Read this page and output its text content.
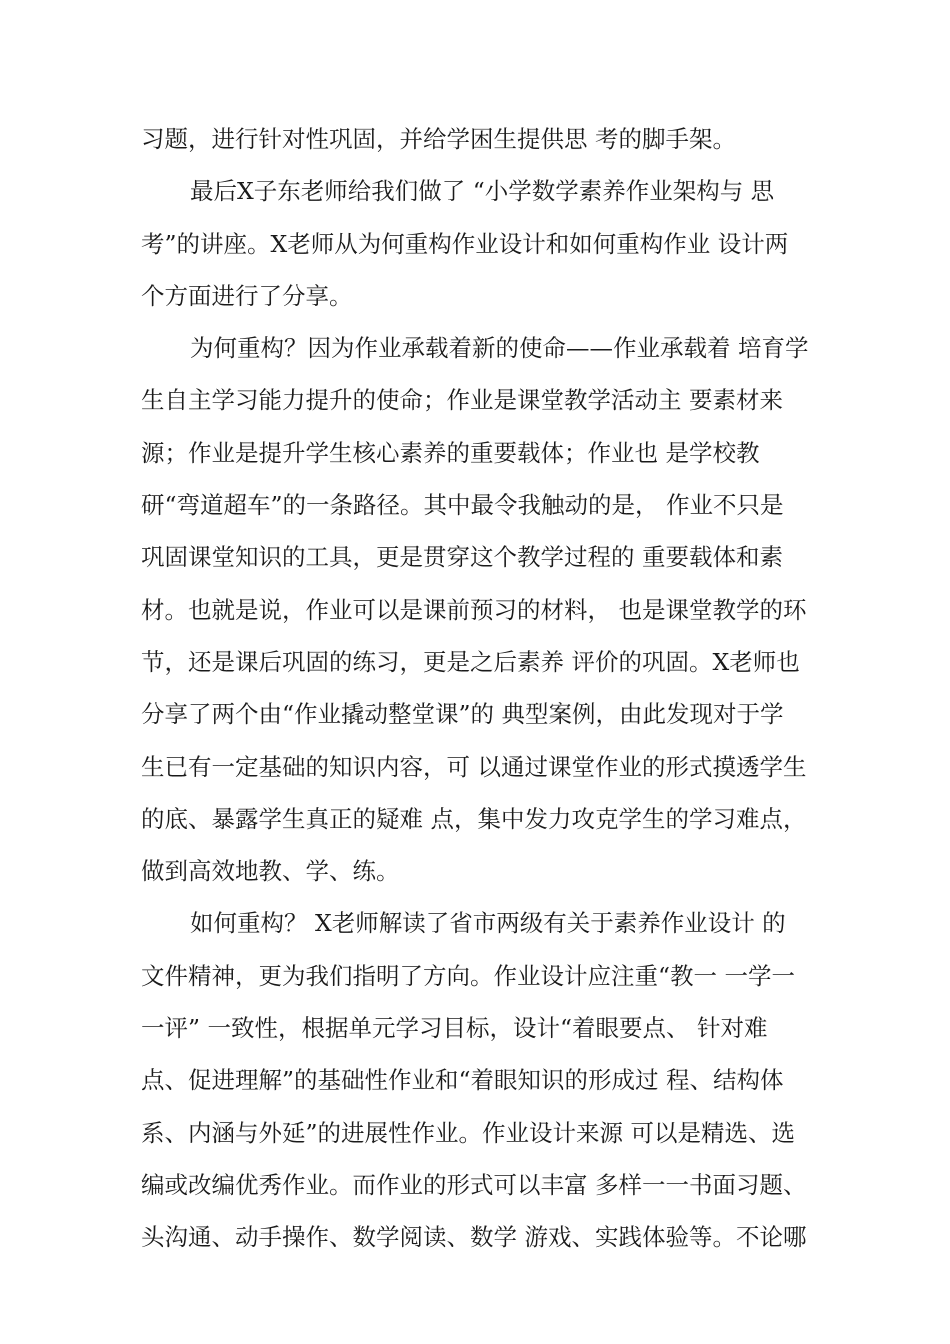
习题，进行针对性巩固，并给学困生提供思 考的脚手架。
最后X子东老师给我们做了 “小学数学素养作业架构与 思
考”的讲座。X老师从为何重构作业设计和如何重构作业 设计两
个方面进行了分享。
为何重构？因为作业承载着新的使命——作业承载着 培育学
生自主学习能力提升的使命；作业是课堂教学活动主 要素材来
源；作业是提升学生核心素养的重要载体；作业也 是学校教
研“弯道超车”的一条路径。其中最令我触动的是， 作业不只是
巩固课堂知识的工具，更是贯穿这个教学过程的 重要载体和素
材。也就是说，作业可以是课前预习的材料， 也是课堂教学的环
节，还是课后巩固的练习，更是之后素养 评价的巩固。X老师也
分享了两个由“作业撬动整堂课”的 典型案例，由此发现对于学
生已有一定基础的知识内容，可 以通过课堂作业的形式摸透学生
的底、暴露学生真正的疑难 点，集中发力攻克学生的学习难点，
做到高效地教、学、练。
如何重构？ X老师解读了省市两级有关于素养作业设计 的
文件精神，更为我们指明了方向。作业设计应注重“教一 一学一
一评” 一致性，根据单元学习目标，设计“着眼要点、 针对难
点、促进理解”的基础性作业和“着眼知识的形成过 程、结构体
系、内涵与外延”的进展性作业。作业设计来源 可以是精选、选
编或改编优秀作业。而作业的形式可以丰富 多样一一书面习题、
头沟通、动手操作、数学阅读、数学 游戏、实践体验等。不论哪
